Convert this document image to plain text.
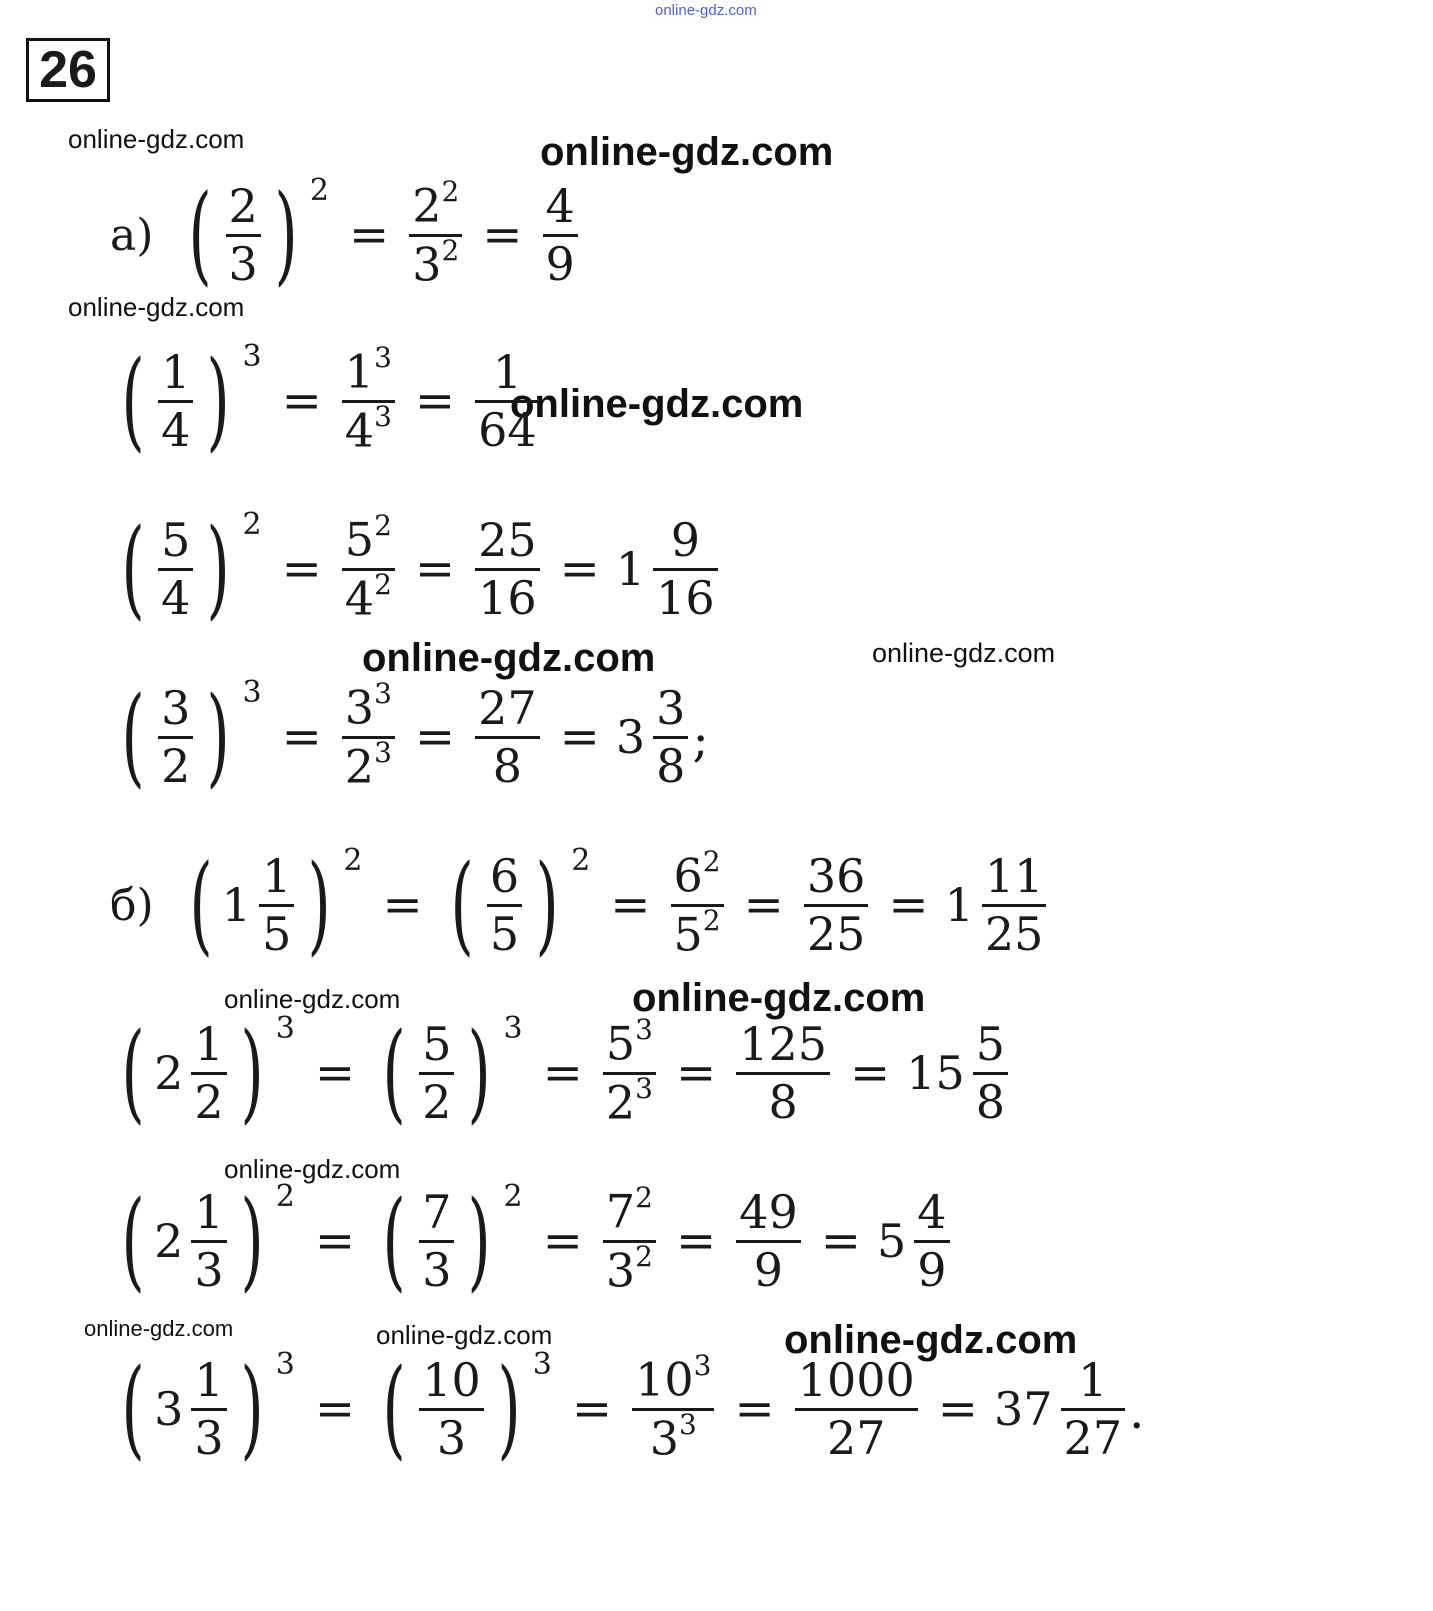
online-gdz.com
26
online-gdz.com	online-gdz.com
online-gdz.com
online-gdz.com
online-gdz.com	online-gdz.com
online-gdz.com	online-gdz.com
online-gdz.com
online-gdz.com	online-gdz.com	online-gdz.com
а) ( $\frac{2}{3}$ ) 2
= $\frac{2^2}{3^2} = \frac{4}{9}$
( $\frac{1}{4}$ ) 3
= $\frac{1^3}{4^3} = \frac{1}{64}$
( $\frac{5}{4}$ ) 2
= $\frac{5^2}{4^2} = \frac{25}{16} = 1 \frac{9}{16}$
( $\frac{3}{2}$ ) 3
= $\frac{3^3}{2^3} = \frac{27}{8} = 3 \frac{3}{8}$ ;
б) ( $1 \frac{1}{5}$ ) 2
= ( $\frac{6}{5}$ ) 2
= $\frac{6^2}{5^2} = \frac{36}{25} = 1 \frac{11}{25}$
( $2 \frac{1}{2}$ ) 3
= ( $\frac{5}{2}$ ) 3
= $\frac{5^3}{2^3} = \frac{125}{8} = 15 \frac{5}{8}$
( $2 \frac{1}{3}$ ) 2
= ( $\frac{7}{3}$ ) 2
= $\frac{7^2}{3^2} = \frac{49}{9} = 5 \frac{4}{9}$
( $3 \frac{1}{3}$ ) 3
= ( $\frac{10}{3}$ ) 3
= $\frac{10^3}{3^3} = \frac{1000}{27} = 37 \frac{1}{27}$ .
online-gdz.com
